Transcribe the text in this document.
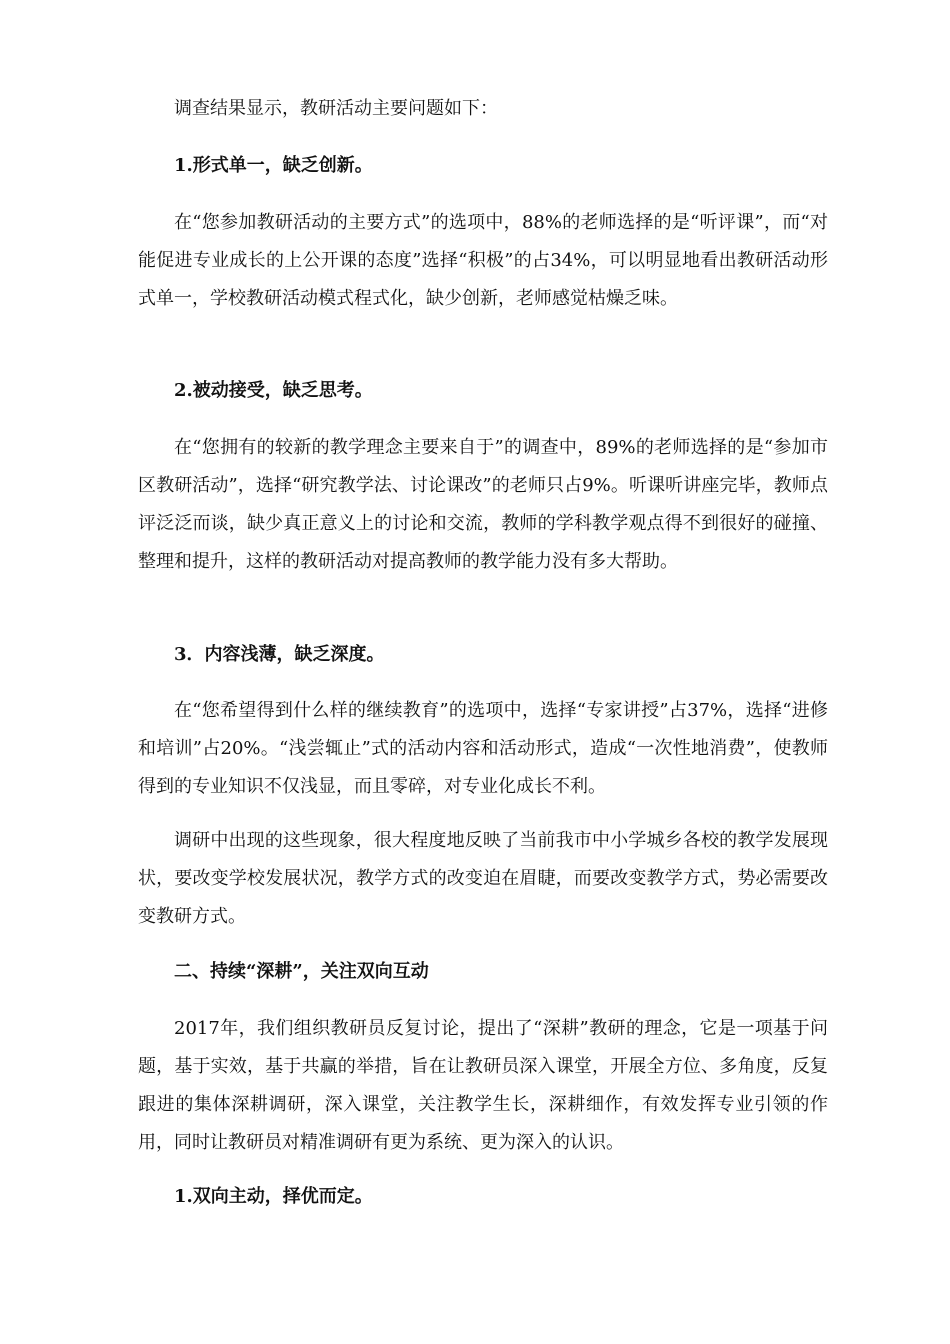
调查结果显示，教研活动主要问题如下：

1.形式单一，缺乏创新。

在“您参加教研活动的主要方式”的选项中，88%的老师选择的是“听评课”，而“对能促进专业成长的上公开课的态度”选择“积极”的占34%，可以明显地看出教研活动形式单一，学校教研活动模式程式化，缺少创新，老师感觉枯燥乏味。

2.被动接受，缺乏思考。

在“您拥有的较新的教学理念主要来自于”的调查中，89%的老师选择的是“参加市区教研活动”，选择“研究教学法、讨论课改”的老师只占9%。听课听讲座完毕，教师点评泛泛而谈，缺少真正意义上的讨论和交流，教师的学科教学观点得不到很好的碰撞、整理和提升，这样的教研活动对提高教师的教学能力没有多大帮助。

3．内容浅薄，缺乏深度。

在“您希望得到什么样的继续教育”的选项中，选择“专家讲授”占37%，选择“进修和培训”占20%。“浅尝辄止”式的活动内容和活动形式，造成“一次性地消费”，使教师得到的专业知识不仅浅显，而且零碎，对专业化成长不利。

调研中出现的这些现象，很大程度地反映了当前我市中小学城乡各校的教学发展现状，要改变学校发展状况，教学方式的改变迫在眉睫，而要改变教学方式，势必需要改变教研方式。

二、持续“深耕”，关注双向互动

2017年，我们组织教研员反复讨论，提出了“深耕”教研的理念，它是一项基于问题，基于实效，基于共赢的举措，旨在让教研员深入课堂，开展全方位、多角度，反复跟进的集体深耕调研，深入课堂，关注教学生长，深耕细作，有效发挥专业引领的作用，同时让教研员对精准调研有更为系统、更为深入的认识。

1.双向主动，择优而定。
